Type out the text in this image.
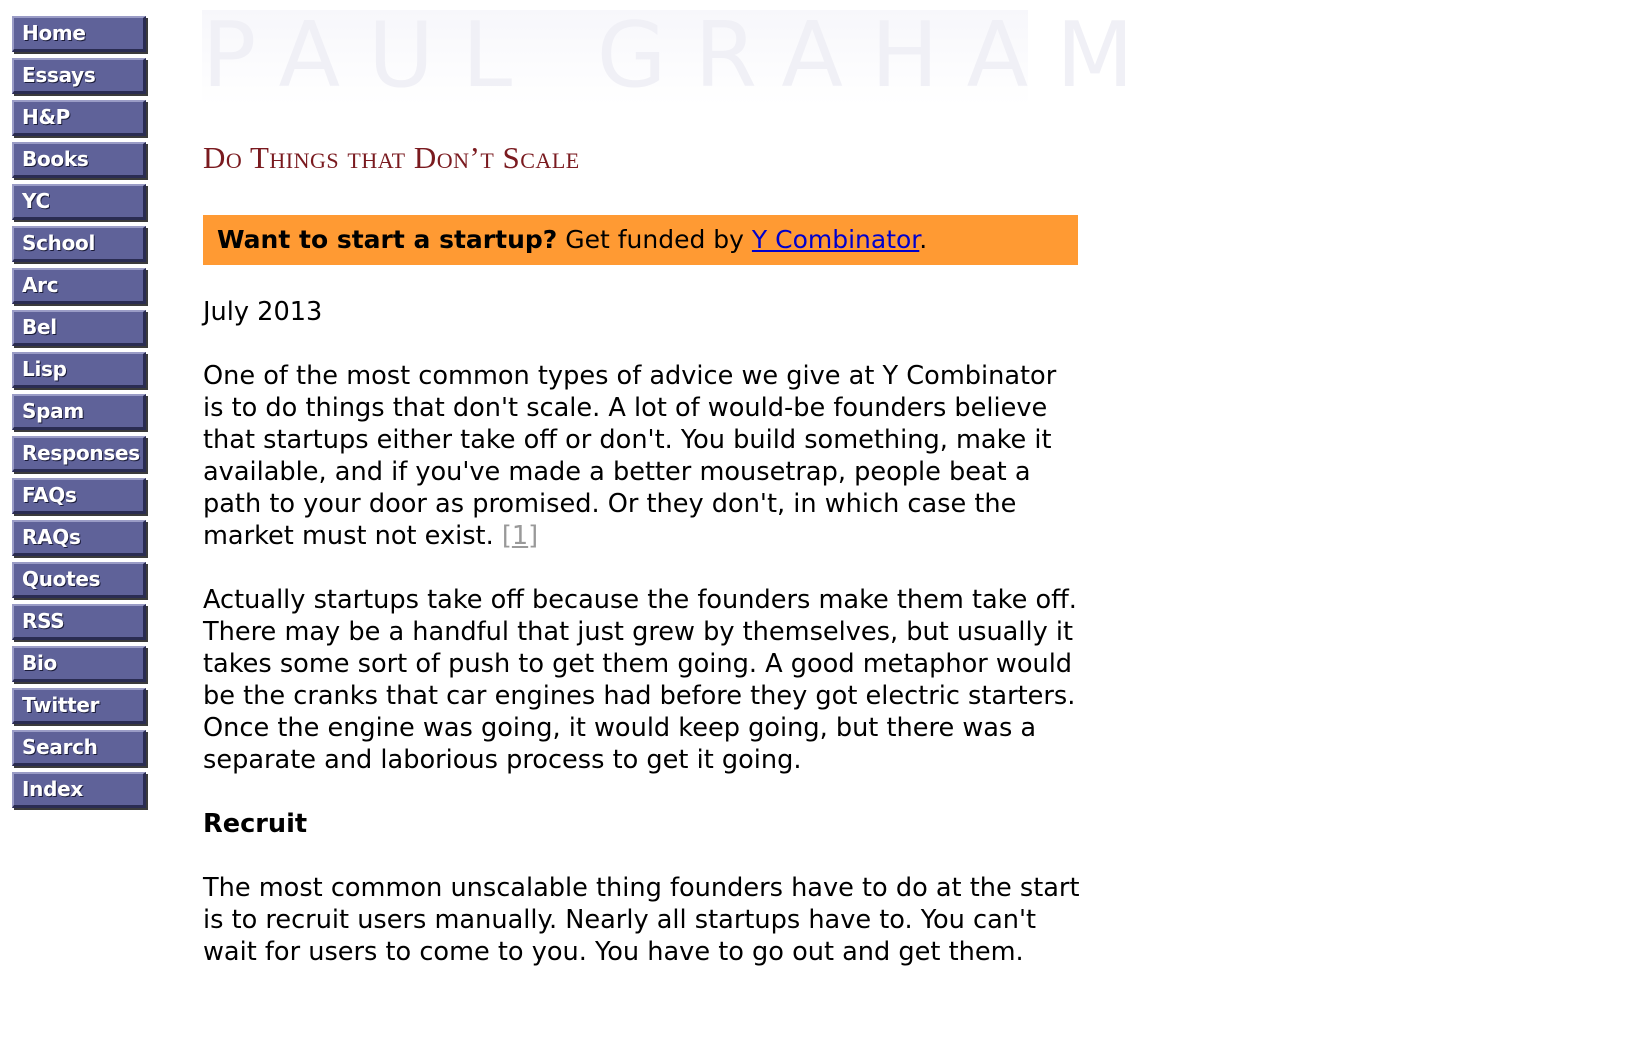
Home
Essays
H&P
Books
YC
School
Arc
Bel
Lisp
Spam
Responses
FAQs
RAQs
Quotes
RSS
Bio
Twitter
Search
Index
PAUL GRAHAM
Do Things that Don’t Scale
Want to start a startup? Get funded by Y Combinator.

July 2013

One of the most common types of advice we give at Y Combinator is to do things that don't scale. A lot of would-be founders believe that startups either take off or don't. You build something, make it available, and if you've made a better mousetrap, people beat a path to your door as promised. Or they don't, in which case the market must not exist. [1]

Actually startups take off because the founders make them take off. There may be a handful that just grew by themselves, but usually it takes some sort of push to get them going. A good metaphor would be the cranks that car engines had before they got electric starters. Once the engine was going, it would keep going, but there was a separate and laborious process to get it going.

Recruit

The most common unscalable thing founders have to do at the start is to recruit users manually. Nearly all startups have to. You can't wait for users to come to you. You have to go out and get them.
